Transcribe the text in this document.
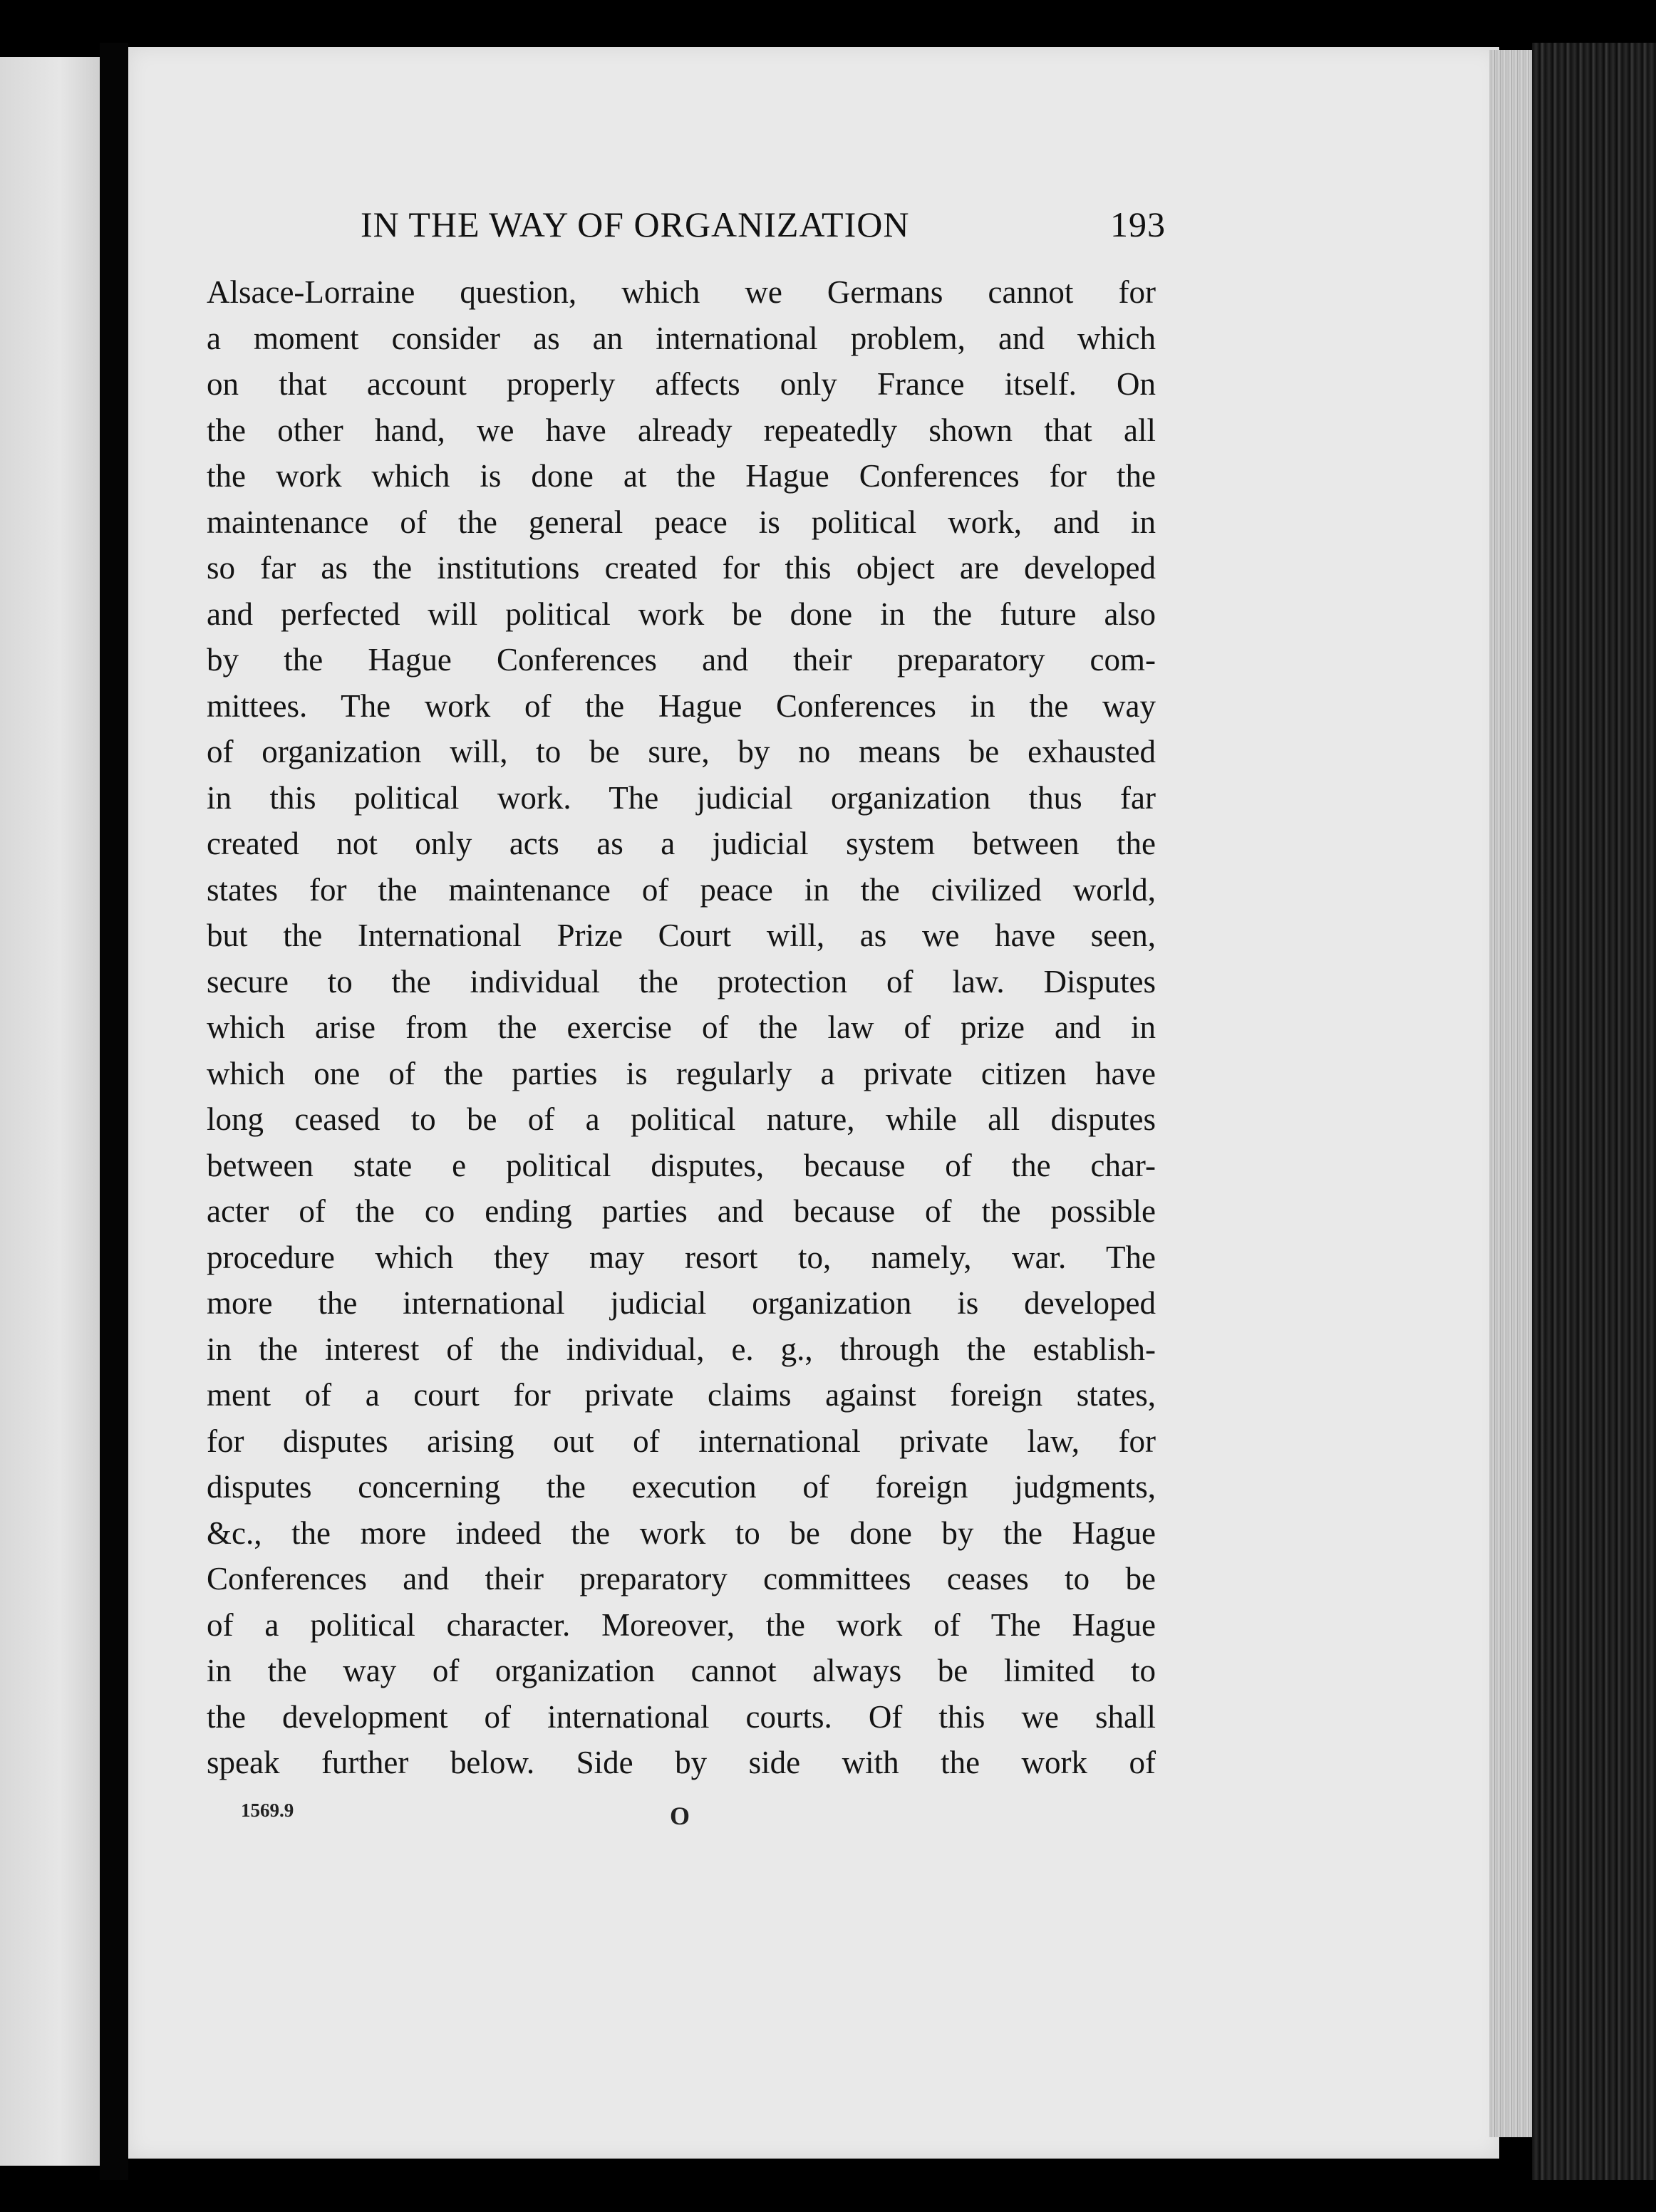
IN THE WAY OF ORGANIZATION	193
Alsace-Lorraine question, which we Germans cannot for
a moment consider as an international problem, and which
on that account properly affects only France itself. On
the other hand, we have already repeatedly shown that all
the work which is done at the Hague Conferences for the
maintenance of the general peace is political work, and in
so far as the institutions created for this object are developed
and perfected will political work be done in the future also
by the Hague Conferences and their preparatory com-
mittees. The work of the Hague Conferences in the way
of organization will, to be sure, by no means be exhausted
in this political work. The judicial organization thus far
created not only acts as a judicial system between the
states for the maintenance of peace in the civilized world,
but the International Prize Court will, as we have seen,
secure to the individual the protection of law. Disputes
which arise from the exercise of the law of prize and in
which one of the parties is regularly a private citizen have
long ceased to be of a political nature, while all disputes
between state e political disputes, because of the char-
acter of the co ending parties and because of the possible
procedure which they may resort to, namely, war. The
more the international judicial organization is developed
in the interest of the individual, e. g., through the establish-
ment of a court for private claims against foreign states,
for disputes arising out of international private law, for
disputes concerning the execution of foreign judgments,
&c., the more indeed the work to be done by the Hague
Conferences and their preparatory committees ceases to be
of a political character. Moreover, the work of The Hague
in the way of organization cannot always be limited to
the development of international courts. Of this we shall
speak further below. Side by side with the work of
1569.9	O
